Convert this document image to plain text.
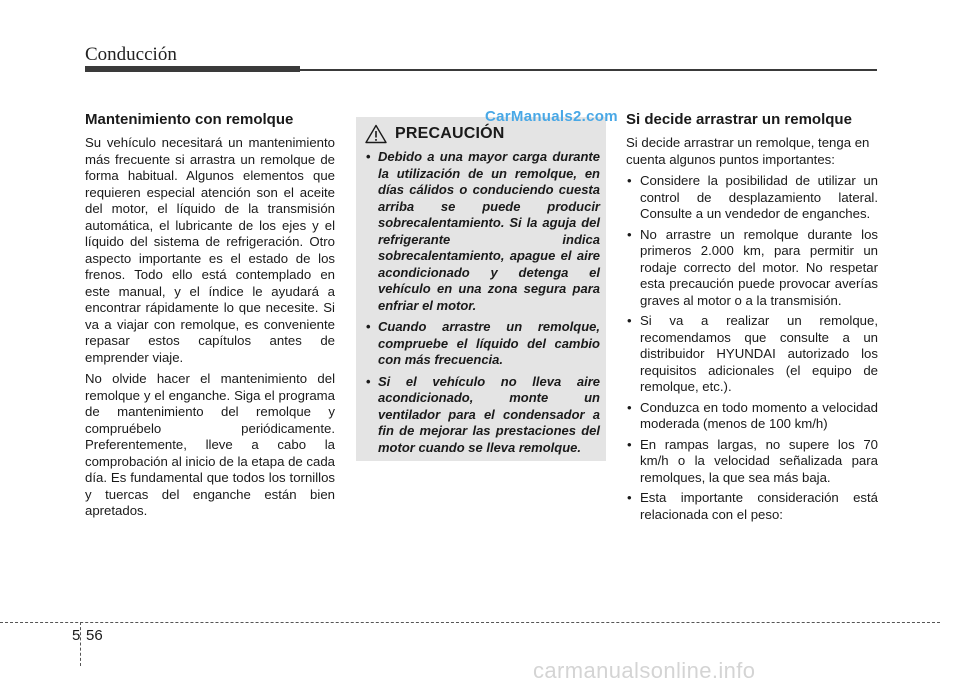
Conducción
Mantenimiento con remolque

Su vehículo necesitará un mantenimiento más frecuente si arrastra un remolque de forma habitual. Algunos elementos que requieren especial atención son el aceite del motor, el líquido de la transmisión automática, el lubricante de los ejes y el líquido del sistema de refrigeración. Otro aspecto importante es el estado de los frenos. Todo ello está contemplado en este manual, y el índice le ayudará a encontrar rápidamente lo que necesite. Si va a viajar con remolque, es conveniente repasar estos capítulos antes de emprender viaje.

No olvide hacer el mantenimiento del remolque y el enganche. Siga el programa de mantenimiento del remolque y compruébelo periódicamente. Preferentemente, lleve a cabo la comprobación al inicio de la etapa de cada día. Es fundamental que todos los tornillos y tuercas del enganche están bien apretados.

PRECAUCIÓN
• Debido a una mayor carga durante la utilización de un remolque, en días cálidos o conduciendo cuesta arriba se puede producir sobrecalentamiento. Si la aguja del refrigerante indica sobrecalentamiento, apague el aire acondicionado y detenga el vehículo en una zona segura para enfriar el motor.
• Cuando arrastre un remolque, compruebe el líquido del cambio con más frecuencia.
• Si el vehículo no lleva aire acondicionado, monte un ventilador para el condensador a fin de mejorar las prestaciones del motor cuando se lleva remolque.
CarManuals2.com Si decide arrastrar un remolque

Si decide arrastrar un remolque, tenga en cuenta algunos puntos importantes:

• Considere la posibilidad de utilizar un control de desplazamiento lateral. Consulte a un vendedor de enganches.
• No arrastre un remolque durante los primeros 2.000 km, para permitir un rodaje correcto del motor. No respetar esta precaución puede provocar averías graves al motor o a la transmisión.
• Si va a realizar un remolque, recomendamos que consulte a un distribuidor HYUNDAI autorizado los requisitos adicionales (el equipo de remolque, etc.).
• Conduzca en todo momento a velocidad moderada (menos de 100 km/h)
• En rampas largas, no supere los 70 km/h o la velocidad señalizada para remolques, la que sea más baja.
• Esta importante consideración está relacionada con el peso:
5 56
carmanualsonline.info
